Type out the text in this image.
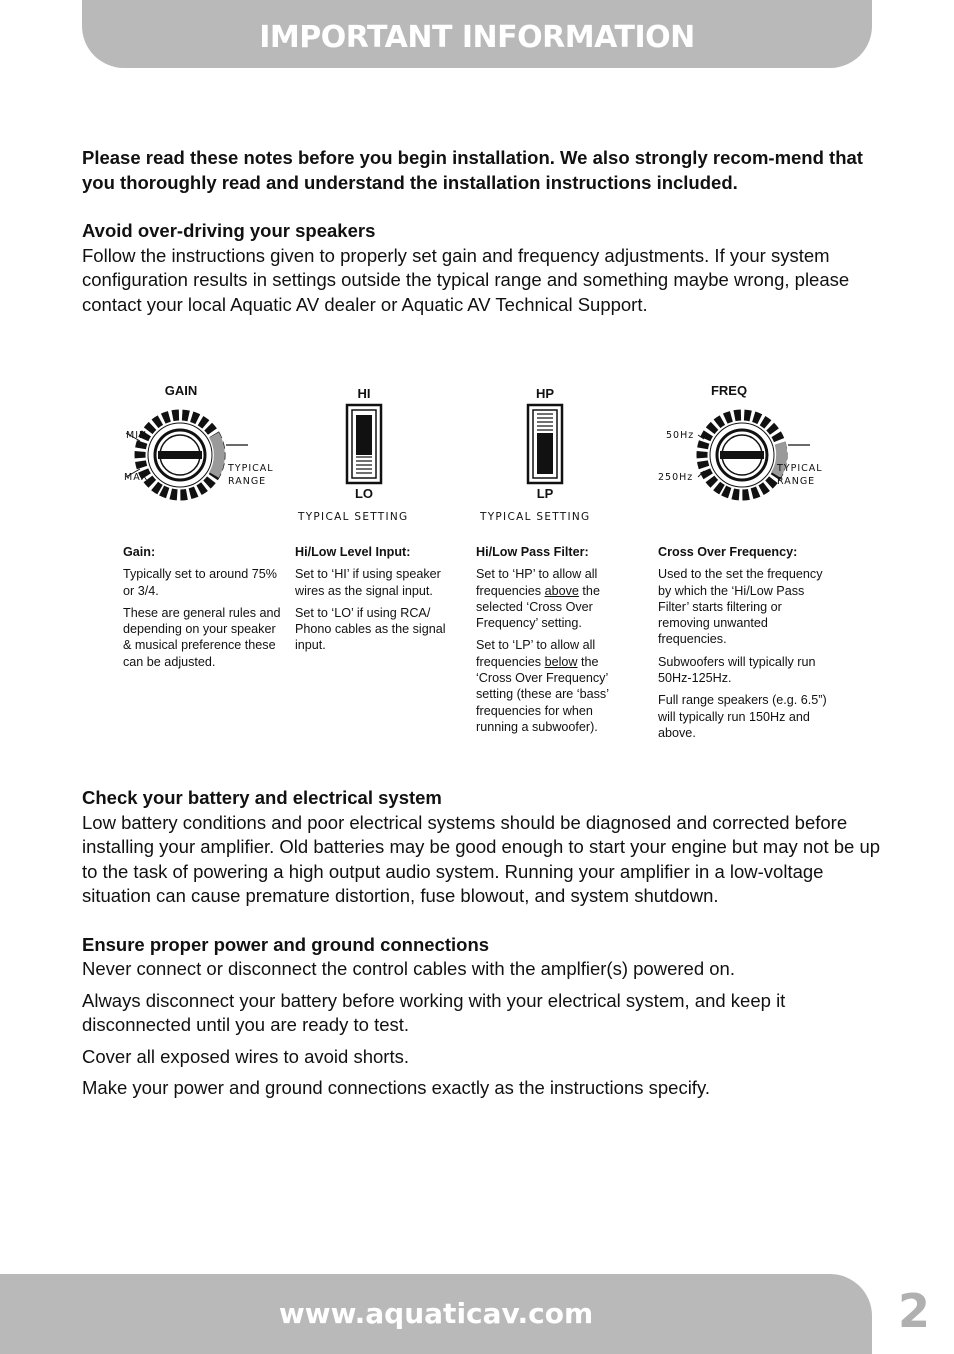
IMPORTANT INFORMATION

Please read these notes before you begin installation. We also strongly recom-mend that you thoroughly read and understand the installation instructions included.

Avoid over-driving your speakers

Follow the instructions given to properly set gain and frequency adjustments. If your system configuration results in settings outside the typical range and something maybe wrong, please contact your local Aquatic AV dealer or Aquatic AV Technical Support.

GAIN
MIN
MAX
TYPICAL
RANGE
HI
LO
TYPICAL SETTING
HP
LP
TYPICAL SETTING
FREQ
50Hz
250Hz
TYPICAL
RANGE

Gain:

Typically set to around 75% or 3/4.

These are general rules and depending on your speaker & musical preference these can be adjusted.

Hi/Low Level Input:

Set to ‘HI’ if using speaker wires as the signal input.

Set to ‘LO’ if using RCA/ Phono cables as the signal input.

Hi/Low Pass Filter:

Set to ‘HP’ to allow all frequencies above the selected ‘Cross Over Frequency’ setting.

Set to ‘LP’ to allow all frequencies below the ‘Cross Over Frequency’ setting (these are ‘bass’ frequencies for when running a subwoofer).

Cross Over Frequency:

Used to the set the frequency by which the ‘Hi/Low Pass Filter’ starts filtering or removing unwanted frequencies.

Subwoofers will typically run 50Hz-125Hz.

Full range speakers (e.g. 6.5”) will typically run 150Hz and above.

Check your battery and electrical system

Low battery conditions and poor electrical systems should be diagnosed and corrected before installing your amplifier. Old batteries may be good enough to start your engine but may not be up to the task of powering a high output audio system. Running your amplifier in a low-voltage situation can cause premature distortion, fuse blowout, and system shutdown.

Ensure proper power and ground connections

Never connect or disconnect the control cables with the amplfier(s) powered on.

Always disconnect your battery before working with your electrical system, and keep it disconnected until you are ready to test.

Cover all exposed wires to avoid shorts.

Make your power and ground connections exactly as the instructions specify.

www.aquaticav.com	2
